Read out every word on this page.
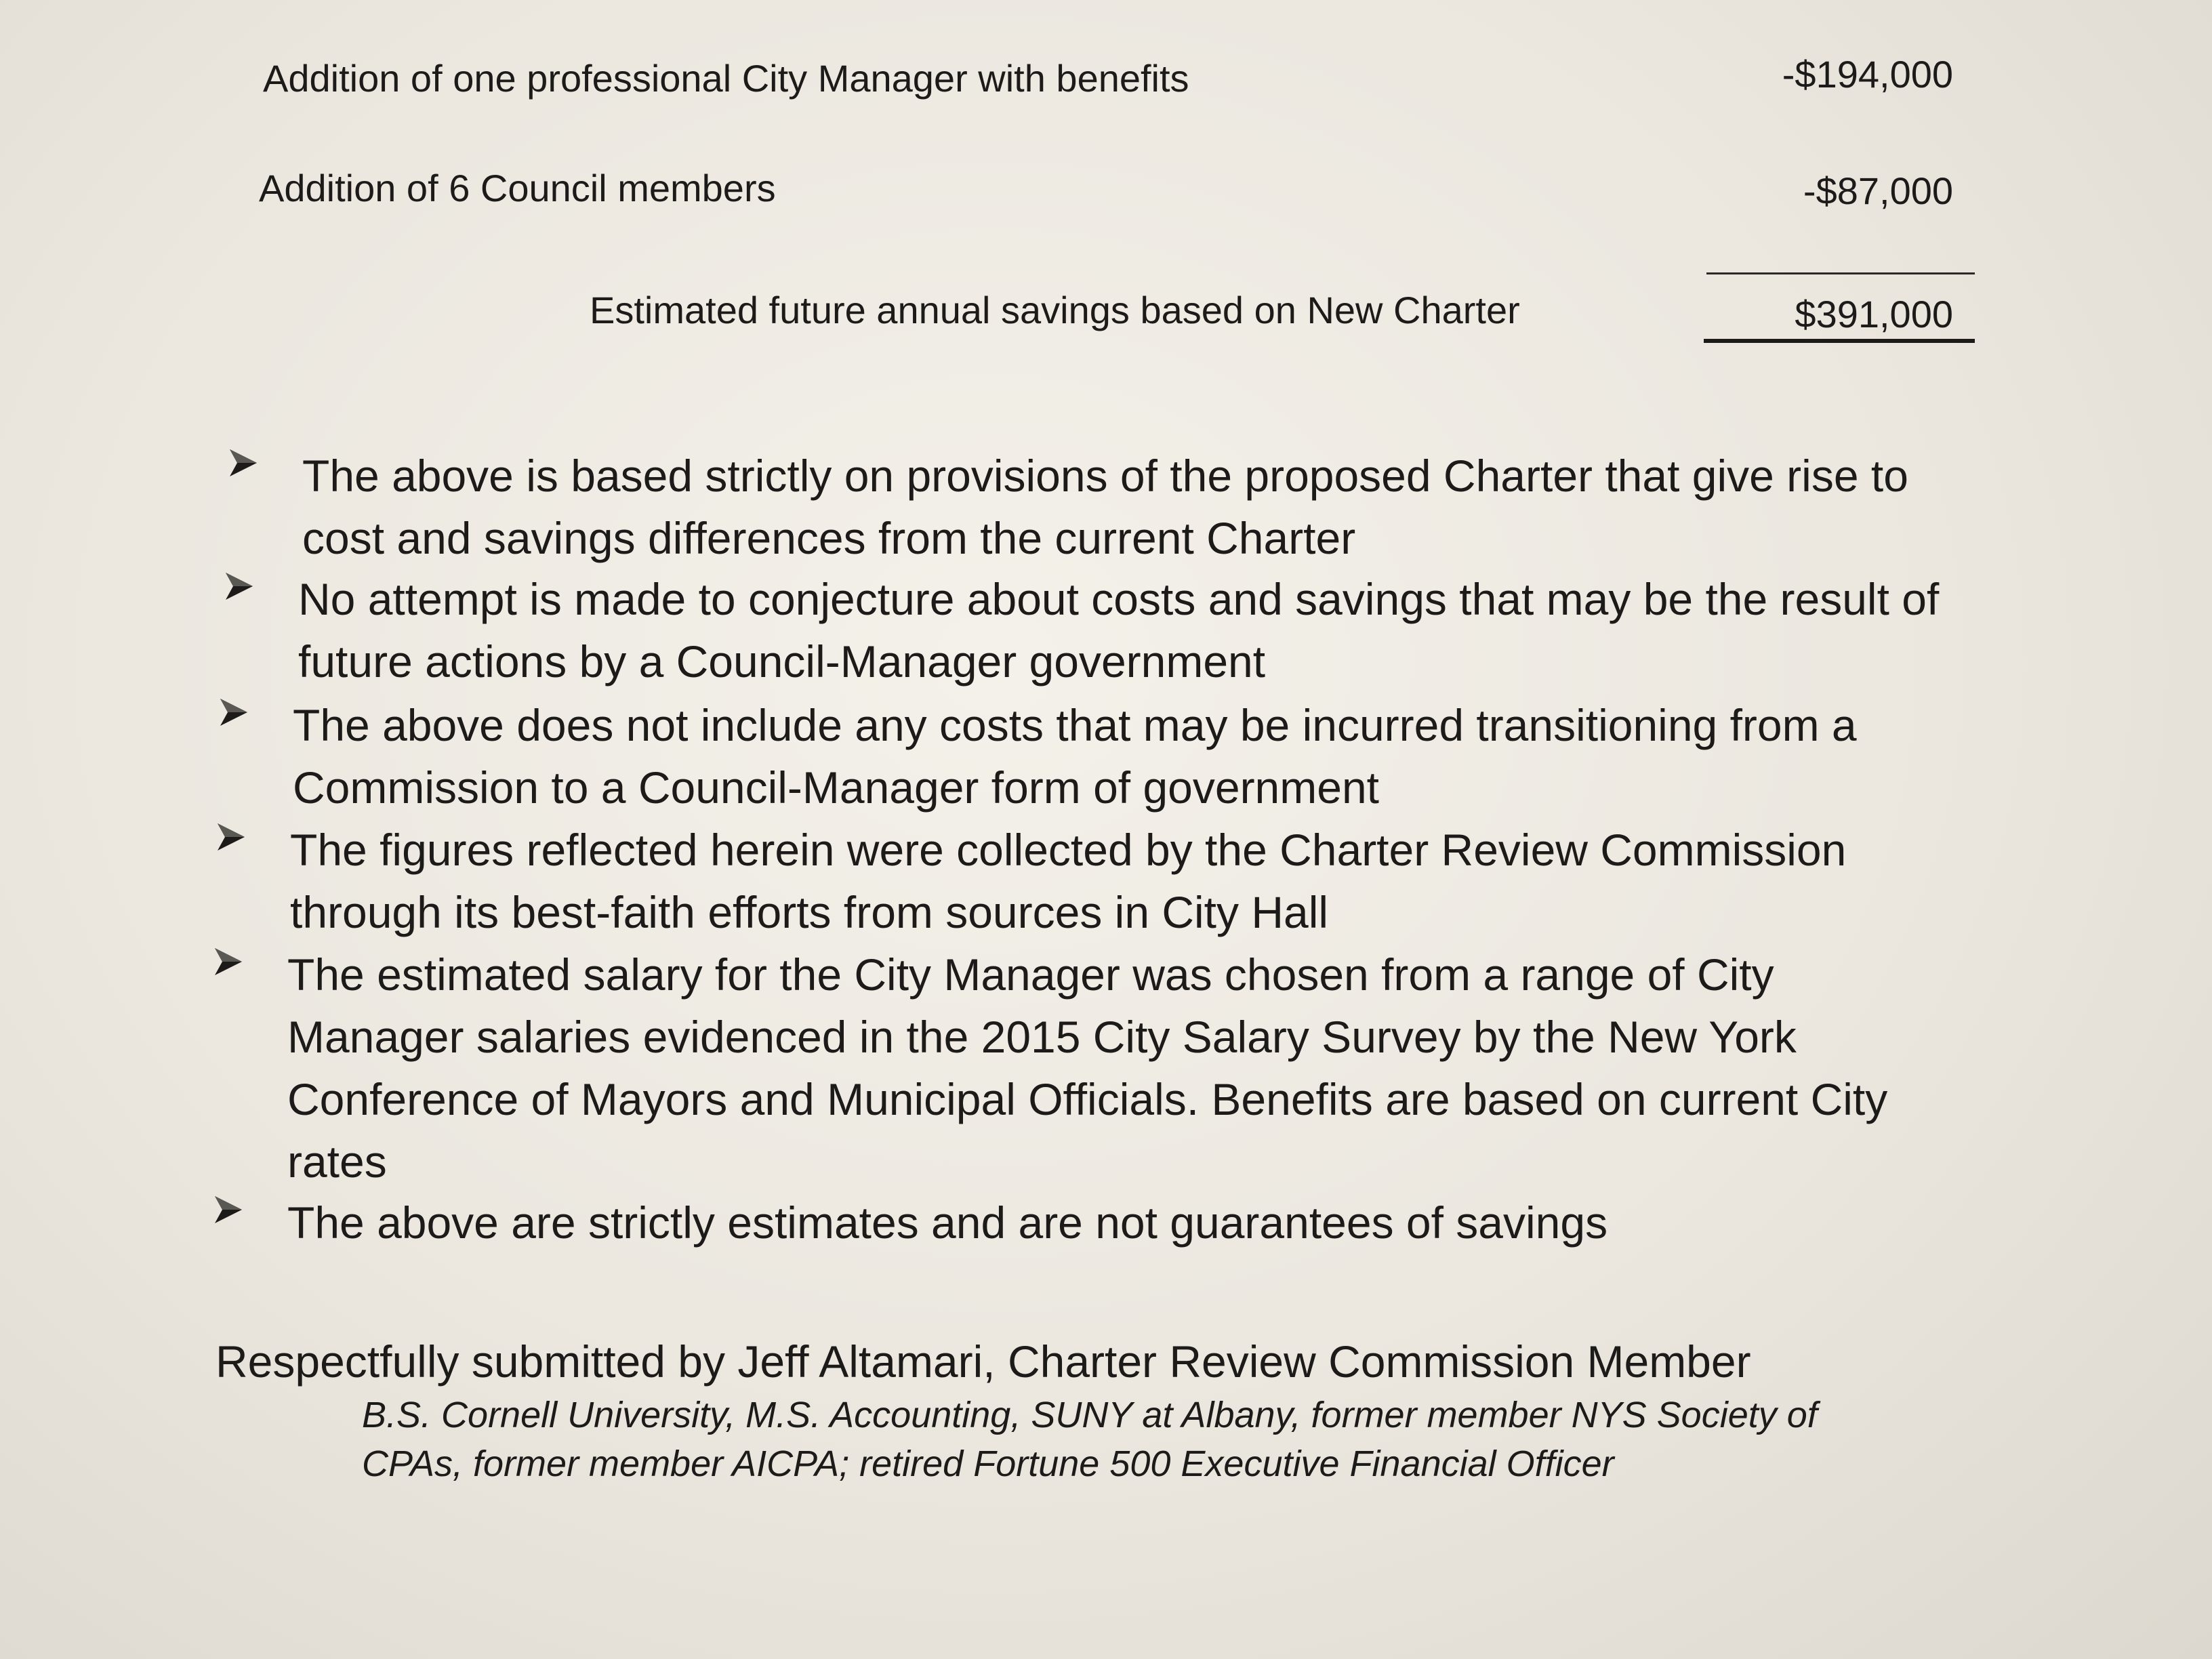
Addition of one professional City Manager with benefits	-$194,000
Addition of 6 Council members	-$87,000
Estimated future annual savings based on New Charter	$391,000
The above is based strictly on provisions of the proposed Charter that give rise to cost and savings differences from the current Charter
No attempt is made to conjecture about costs and savings that may be the result of future actions by a Council-Manager government
The above does not include any costs that may be incurred transitioning from a Commission to a Council-Manager form of government
The figures reflected herein were collected by the Charter Review Commission through its best-faith efforts from sources in City Hall
The estimated salary for the City Manager was chosen from a range of City Manager salaries evidenced in the 2015 City Salary Survey by the New York Conference of Mayors and Municipal Officials. Benefits are based on current City rates
The above are strictly estimates and are not guarantees of savings
Respectfully submitted by Jeff Altamari, Charter Review Commission Member
B.S. Cornell University, M.S. Accounting, SUNY at Albany, former member NYS Society of CPAs, former member AICPA; retired Fortune 500 Executive Financial Officer
